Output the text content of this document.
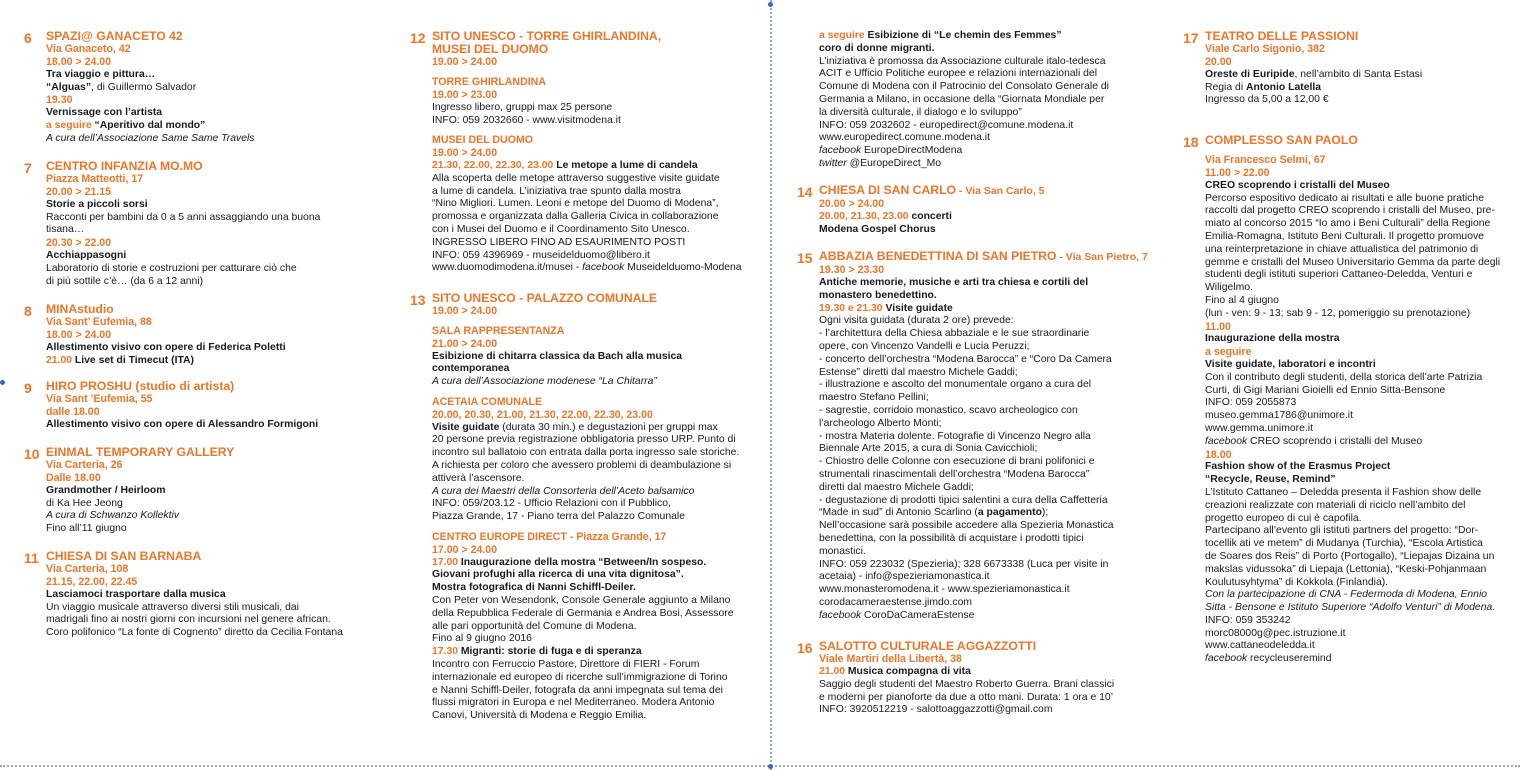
6 SPAZI@ GANACETO 42
Via Ganaceto, 42
18.00 > 24.00
Tra viaggio e pittura…
“Alguas”, di Guillermo Salvador
19.30
Vernissage con l’artista
a seguire “Aperitivo dal mondo”
A cura dell’Associazione Same Same Travels
7 CENTRO INFANZIA MO.MO
Piazza Matteotti, 17
20.00 > 21.15
Storie a piccoli sorsi
Racconti per bambini da 0 a 5 anni assaggiando una buona
tisana…
20.30 > 22.00
Acchiappasogni
Laboratorio di storie e costruzioni per catturare ciò che
di più sottile c’è… (da 6 a 12 anni)
8 MINAstudio
Via Sant’ Eufemia, 88
18.00 > 24.00
Allestimento visivo con opere di Federica Poletti
21.00 Live set di Timecut (ITA)
9 HIRO PROSHU (studio di artista)
Via Sant ’Eufemia, 55
dalle 18.00
Allestimento visivo con opere di Alessandro Formigoni
10 EINMAL TEMPORARY GALLERY
Via Carteria, 26
Dalle 18.00
Grandmother / Heirloom
di Ka Hee Jeong
A cura di Schwanzo Kollektiv
Fino all’11 giugno
11 CHIESA DI SAN BARNABA
Via Carteria, 108
21.15, 22.00, 22.45
Lasciamoci trasportare dalla musica
Un viaggio musicale attraverso diversi stili musicali, dai
madrigali fino ai nostri giorni con incursioni nel genere african.
Coro polifonico “La fonte di Cognento” diretto da Cecilia Fontana
12 SITO UNESCO - TORRE GHIRLANDINA,
MUSEI DEL DUOMO
19.00 > 24.00
TORRE GHIRLANDINA
19.00 > 23.00
Ingresso libero, gruppi max 25 persone
INFO: 059 2032660 - www.visitmodena.it
MUSEI DEL DUOMO
19.00 > 24.00
21.30, 22.00, 22.30, 23.00 Le metope a lume di candela
Alla scoperta delle metope attraverso suggestive visite guidate
a lume di candela. L’iniziativa trae spunto dalla mostra
“Nino Migliori. Lumen. Leoni e metope del Duomo di Modena”,
promossa e organizzata dalla Galleria Civica in collaborazione
con i Musei del Duomo e il Coordinamento Sito Unesco.
INGRESSO LIBERO FINO AD ESAURIMENTO POSTI
INFO: 059 4396969 - museidelduomo@libero.it
www.duomodimodena.it/musei - facebook Museidelduomo-Modena
13 SITO UNESCO - PALAZZO COMUNALE
19.00 > 24.00
SALA RAPPRESENTANZA
21.00 > 24.00
Esibizione di chitarra classica da Bach alla musica
contemporanea
A cura dell’Associazione modenese “La Chitarra”
ACETAIA COMUNALE
20.00, 20.30, 21.00, 21.30, 22.00, 22.30, 23.00
Visite guidate (durata 30 min.) e degustazioni per gruppi max
20 persone previa registrazione obbligatoria presso URP. Punto di
incontro sul ballatoio con entrata dalla porta ingresso sale storiche.
A richiesta per coloro che avessero problemi di deambulazione si
attiverà l’ascensore.
A cura dei Maestri della Consorteria dell’Aceto balsamico
INFO: 059/203.12 - Ufficio Relazioni con il Pubblico,
Piazza Grande, 17 - Piano terra del Palazzo Comunale
CENTRO EUROPE DIRECT - Piazza Grande, 17
17.00 > 24.00
17.00 Inaugurazione della mostra “Between/In sospeso.
Giovani profughi alla ricerca di una vita dignitosa”.
Mostra fotografica di Nanni Schiffl-Deiler.
Con Peter von Wesendonk, Console Generale aggiunto a Milano
della Repubblica Federale di Germania e Andrea Bosi, Assessore
alle pari opportunità del Comune di Modena.
Fino al 9 giugno 2016
17.30 Migranti: storie di fuga e di speranza
Incontro con Ferruccio Pastore, Direttore di FIERI - Forum
internazionale ed europeo di ricerche sull’immigrazione di Torino
e Nanni Schiffl-Deiler, fotografa da anni impegnata sul tema dei
flussi migratori in Europa e nel Mediterraneo. Modera Antonio
Canovi, Università di Modena e Reggio Emilia.
a seguire Esibizione di “Le chemin des Femmes”
coro di donne migranti.
L’iniziativa è promossa da Associazione culturale italo-tedesca
ACIT e Ufficio Politiche europee e relazioni internazionali del
Comune di Modena con il Patrocinio del Consolato Generale di
Germania a Milano, in occasione della “Giornata Mondiale per
la diversità culturale, il dialogo e lo sviluppo”
INFO: 059 2032602 - europedirect@comune.modena.it
www.europedirect.comune.modena.it
facebook EuropeDirectModena
twitter @EuropeDirect_Mo
14 CHIESA DI SAN CARLO - Via San Carlo, 5
20.00 > 24.00
20.00, 21.30, 23.00 concerti
Modena Gospel Chorus
15 ABBAZIA BENEDETTINA DI SAN PIETRO - Via San Pietro, 7
19.30 > 23.30
Antiche memorie, musiche e arti tra chiesa e cortili del
monastero benedettino.
19.30 e 21.30 Visite guidate
Ogni visita guidata (durata 2 ore) prevede:
- l’architettura della Chiesa abbaziale e le sue straordinarie
opere, con Vincenzo Vandelli e Lucia Peruzzi;
- concerto dell’orchestra “Modena Barocca” e “Coro Da Camera
Estense” diretti dal maestro Michele Gaddi;
- illustrazione e ascolto del monumentale organo a cura del
maestro Stefano Pellini;
- sagrestie, corridoio monastico, scavo archeologico con
l’archeologo Alberto Monti;
- mostra Materia dolente. Fotografie di Vincenzo Negro alla
Biennale Arte 2015, a cura di Sonia Cavicchioli;
- Chiostro delle Colonne con esecuzione di brani polifonici e
strumentali rinascimentali dell’orchestra “Modena Barocca”
diretti dal maestro Michele Gaddi;
- degustazione di prodotti tipici salentini a cura della Caffetteria
“Made in sud” di Antonio Scarlino (a pagamento);
Nell’occasione sarà possibile accedere alla Spezieria Monastica
benedettina, con la possibilità di acquistare i prodotti tipici
monastici.
INFO: 059 223032 (Spezieria); 328 6673338 (Luca per visite in
acetaia) - info@spezieriamonastica.it
www.monasteromodena.it - www.spezieriamonastica.it
corodacameraestense.jimdo.com
facebook CoroDaCameraEstense
16 SALOTTO CULTURALE AGGAZZOTTI
Viale Martiri della Libertà, 38
21.00 Musica compagna di vita
Saggio degli studenti del Maestro Roberto Guerra. Brani classici
e moderni per pianoforte da due a otto mani. Durata: 1 ora e 10’
INFO: 3920512219 - salottoaggazzotti@gmail.com
17 TEATRO DELLE PASSIONI
Viale Carlo Sigonio, 382
20.00
Oreste di Euripide, nell’ambito di Santa Estasi
Regia di Antonio Latella
Ingresso da 5,00 a 12,00 €
18 COMPLESSO SAN PAOLO
Via Francesco Selmi, 67
11.00 > 22.00
CREO scoprendo i cristalli del Museo
Percorso espositivo dedicato ai risultati e alle buone pratiche
raccolti dal progetto CREO scoprendo i cristalli del Museo, pre-
miato al concorso 2015 “Io amo i Beni Culturali” della Regione
Emilia-Romagna, Istituto Beni Culturali. Il progetto promuove
una reinterpretazione in chiave attualistica del patrimonio di
gemme e cristalli del Museo Universitario Gemma da parte degli
studenti degli istituti superiori Cattaneo-Deledda, Venturi e
Wiligelmo.
Fino al 4 giugno
(lun - ven: 9 - 13; sab 9 - 12, pomeriggio su prenotazione)
11.00
Inaugurazione della mostra
a seguire
Visite guidate, laboratori e incontri
Con il contributo degli studenti, della storica dell’arte Patrizia
Curti, di Gigi Mariani Gioielli ed Ennio Sitta-Bensone
INFO: 059 2055873
museo.gemma1786@unimore.it
www.gemma.unimore.it
facebook CREO scoprendo i cristalli del Museo
18.00
Fashion show of the Erasmus Project
“Recycle, Reuse, Remind”
L’Istituto Cattaneo – Deledda presenta il Fashion show delle
creazioni realizzate con materiali di riciclo nell’ambito del
progetto europeo di cui è capofila.
Partecipano all’evento gli istituti partners del progetto: “Dor-
tocellik ati ve metem” di Mudanya (Turchia), “Escola Artistica
de Soares dos Reis” di Porto (Portogallo), “Liepajas Dizaina un
makslas vidussoka” di Liepaja (Lettonia), “Keski-Pohjanmaan
Koulutusyhtyma” di Kokkola (Finlandia).
Con la partecipazione di CNA - Federmoda di Modena, Ennio
Sitta - Bensone e Istituto Superiore “Adolfo Venturi” di Modena.
INFO: 059 353242
morc08000g@pec.istruzione.it
www.cattaneodeledda.it
facebook recycleuseremind
